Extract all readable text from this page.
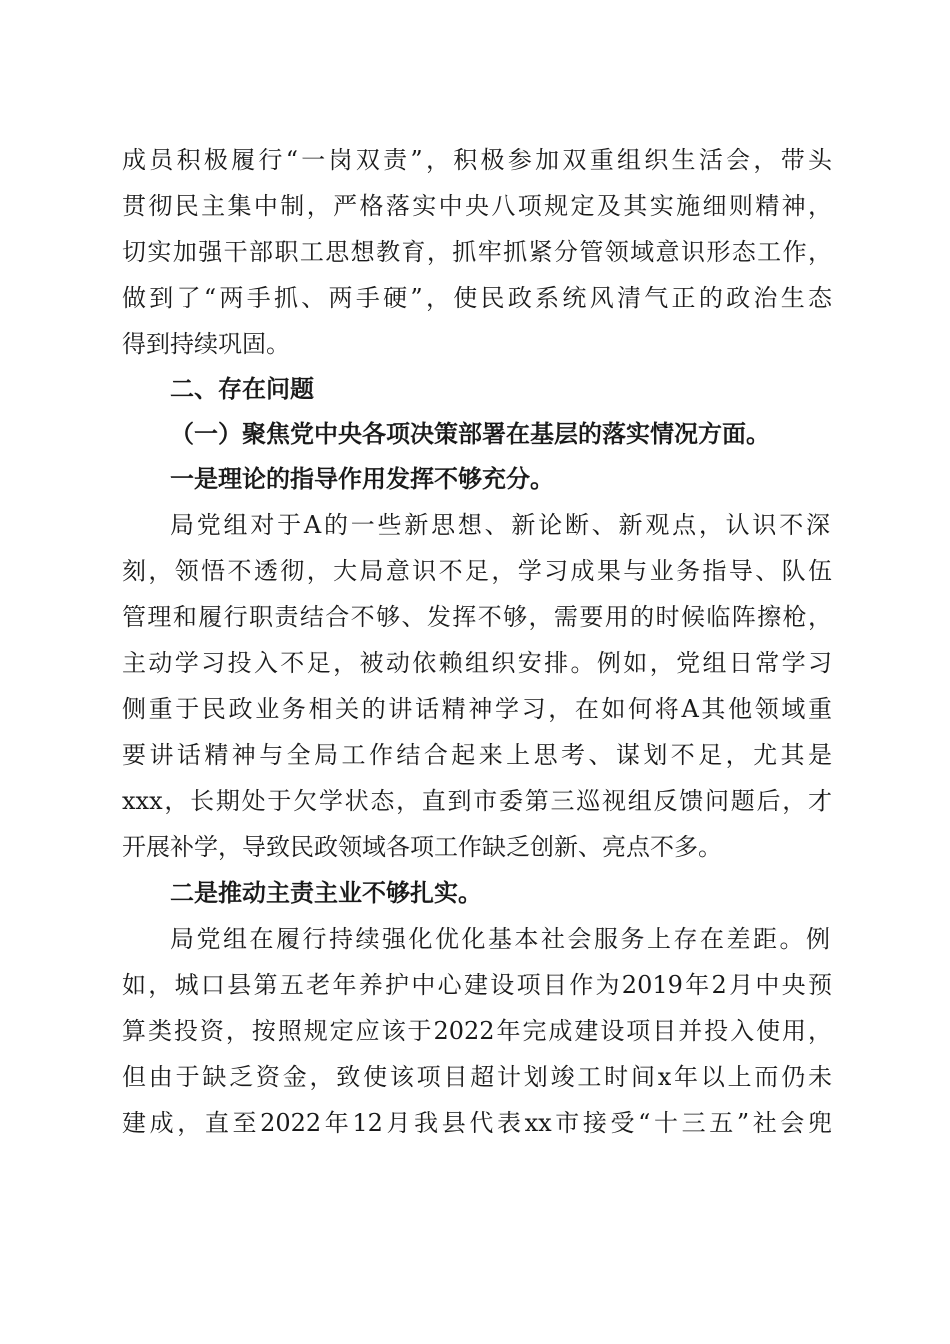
成员积极履行“一岗双责”，积极参加双重组织生活会，带头
贯彻民主集中制，严格落实中央八项规定及其实施细则精神，
切实加强干部职工思想教育，抓牢抓紧分管领域意识形态工作，
做到了“两手抓、两手硬”，使民政系统风清气正的政治生态
得到持续巩固。
二、存在问题
（一）聚焦党中央各项决策部署在基层的落实情况方面。
一是理论的指导作用发挥不够充分。
局党组对于A的一些新思想、新论断、新观点，认识不深
刻，领悟不透彻，大局意识不足，学习成果与业务指导、队伍
管理和履行职责结合不够、发挥不够，需要用的时候临阵擦枪，
主动学习投入不足，被动依赖组织安排。例如，党组日常学习
侧重于民政业务相关的讲话精神学习，在如何将A其他领域重
要讲话精神与全局工作结合起来上思考、谋划不足，尤其是
xxx，长期处于欠学状态，直到市委第三巡视组反馈问题后，才
开展补学，导致民政领域各项工作缺乏创新、亮点不多。
二是推动主责主业不够扎实。
局党组在履行持续强化优化基本社会服务上存在差距。例
如，城口县第五老年养护中心建设项目作为2019年2月中央预
算类投资，按照规定应该于2022年完成建设项目并投入使用，
但由于缺乏资金，致使该项目超计划竣工时间x年以上而仍未
建成，直至2022年12月我县代表xx市接受“十三五”社会兜
